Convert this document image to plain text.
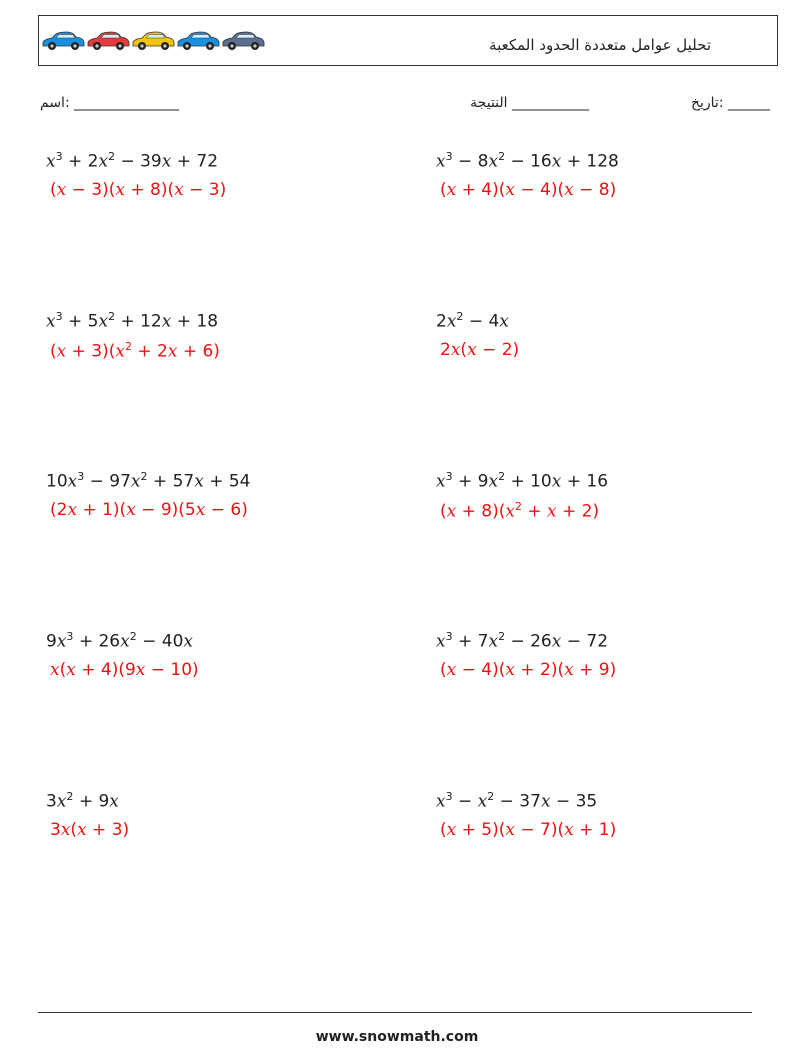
تحليل عوامل متعددة الحدود المكعبة
______ :تاريخ
___________ النتيجة
_______________ :اسم
$x^3 + 2x^2 - 39x + 72$
(x − 3)(x + 8)(x − 3)
$x^3 - 8x^2 - 16x + 128$
(x + 4)(x − 4)(x − 8)
$x^3 + 5x^2 + 12x + 18$
$(x + 3)(x^2 + 2x + 6)$
$2x^2 - 4x$
2x(x − 2)
$10x^3 - 97x^2 + 57x + 54$
(2x + 1)(x − 9)(5x − 6)
$x^3 + 9x^2 + 10x + 16$
$(x + 8)(x^2 + x + 2)$
$9x^3 + 26x^2 - 40x$
x(x + 4)(9x − 10)
$x^3 + 7x^2 - 26x - 72$
(x − 4)(x + 2)(x + 9)
$3x^2 + 9x$
3x(x + 3)
$x^3 - x^2 - 37x - 35$
(x + 5)(x − 7)(x + 1)
www.snowmath.com
